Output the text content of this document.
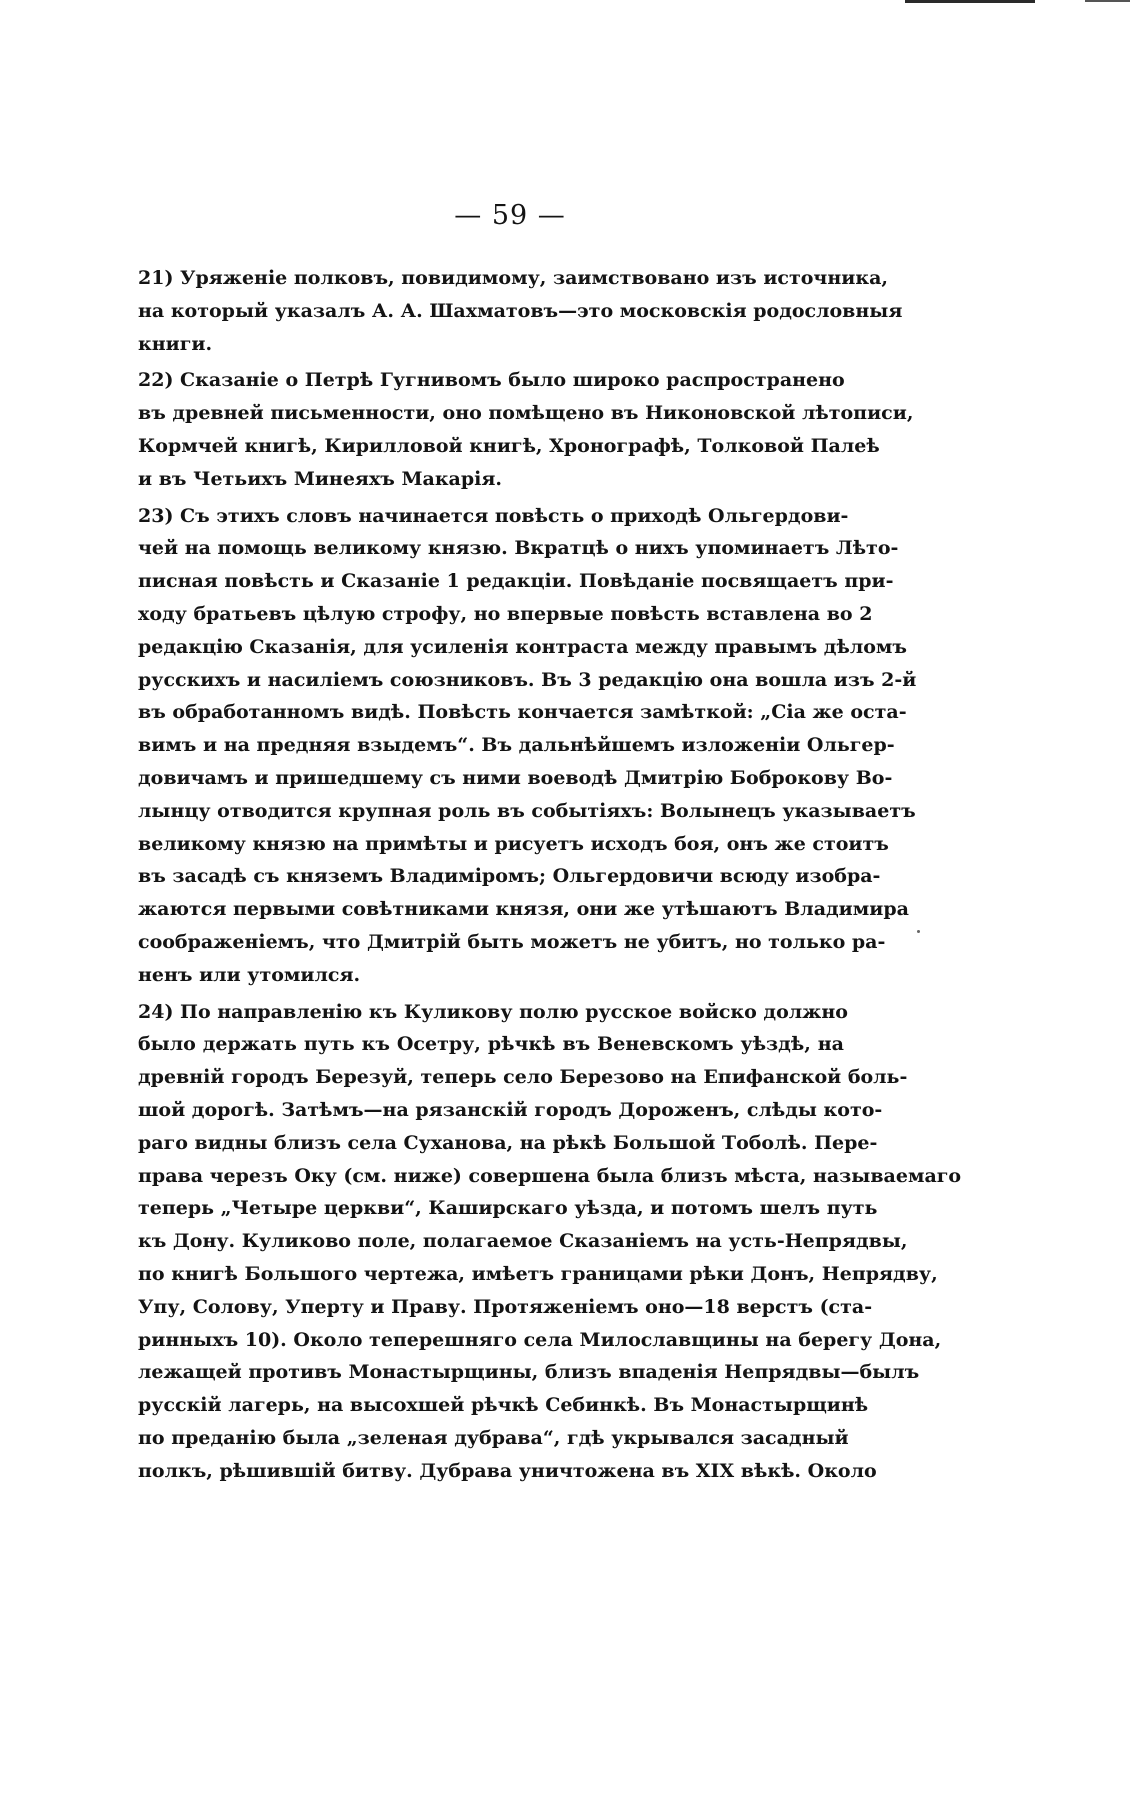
— 59 —

21) Уряженіе полковъ, повидимому, заимствовано изъ источника,
на который указалъ А. А. Шахматовъ—это московскія родословныя
книги.

22) Сказаніе о Петрѣ Гугнивомъ было широко распространено
въ древней письменности, оно помѣщено въ Никоновской лѣтописи,
Кормчей книгѣ, Кирилловой книгѣ, Хронографѣ, Толковой Палеѣ
и въ Четьихъ Минеяхъ Макарія.

23) Съ этихъ словъ начинается повѣсть о приходѣ Ольгердови-
чей на помощь великому князю. Вкратцѣ о нихъ упоминаетъ Лѣто-
писная повѣсть и Сказаніе 1 редакціи. Повѣданіе посвящаетъ при-
ходу братьевъ цѣлую строфу, но впервые повѣсть вставлена во 2
редакцію Сказанія, для усиленія контраста между правымъ дѣломъ
русскихъ и насиліемъ союзниковъ. Въ 3 редакцію она вошла изъ 2-й
въ обработанномъ видѣ. Повѣсть кончается замѣткой: „Сіа же оста-
вимъ и на предняя взыдемъ“. Въ дальнѣйшемъ изложеніи Ольгер-
довичамъ и пришедшему съ ними воеводѣ Дмитрію Боброкову Во-
лынцу отводится крупная роль въ событіяхъ: Волынецъ указываетъ
великому князю на примѣты и рисуетъ исходъ боя, онъ же стоитъ
въ засадѣ съ княземъ Владиміромъ; Ольгердовичи всюду изобра-
жаются первыми совѣтниками князя, они же утѣшаютъ Владимира
соображеніемъ, что Дмитрій быть можетъ не убитъ, но только ра-
ненъ или утомился.

24) По направленію къ Куликову полю русское войско должно
было держать путь къ Осетру, рѣчкѣ въ Веневскомъ уѣздѣ, на
древній городъ Березуй, теперь село Березово на Епифанской боль-
шой дорогѣ. Затѣмъ—на рязанскій городъ Дороженъ, слѣды кото-
раго видны близъ села Суханова, на рѣкѣ Большой Тоболѣ. Пере-
права черезъ Оку (см. ниже) совершена была близъ мѣста, называемаго
теперь „Четыре церкви“, Каширскаго уѣзда, и потомъ шелъ путь
къ Дону. Куликово поле, полагаемое Сказаніемъ на усть-Непрядвы,
по книгѣ Большого чертежа, имѣетъ границами рѣки Донъ, Непрядву,
Упу, Солову, Уперту и Праву. Протяженіемъ оно—18 верстъ (ста-
ринныхъ 10). Около теперешняго села Милославщины на берегу Дона,
лежащей противъ Монастырщины, близъ впаденія Непрядвы—былъ
русскій лагерь, на высохшей рѣчкѣ Себинкѣ. Въ Монастырщинѣ
по преданію была „зеленая дубрава“, гдѣ укрывался засадный
полкъ, рѣшившій битву. Дубрава уничтожена въ XIX вѣкѣ. Около
